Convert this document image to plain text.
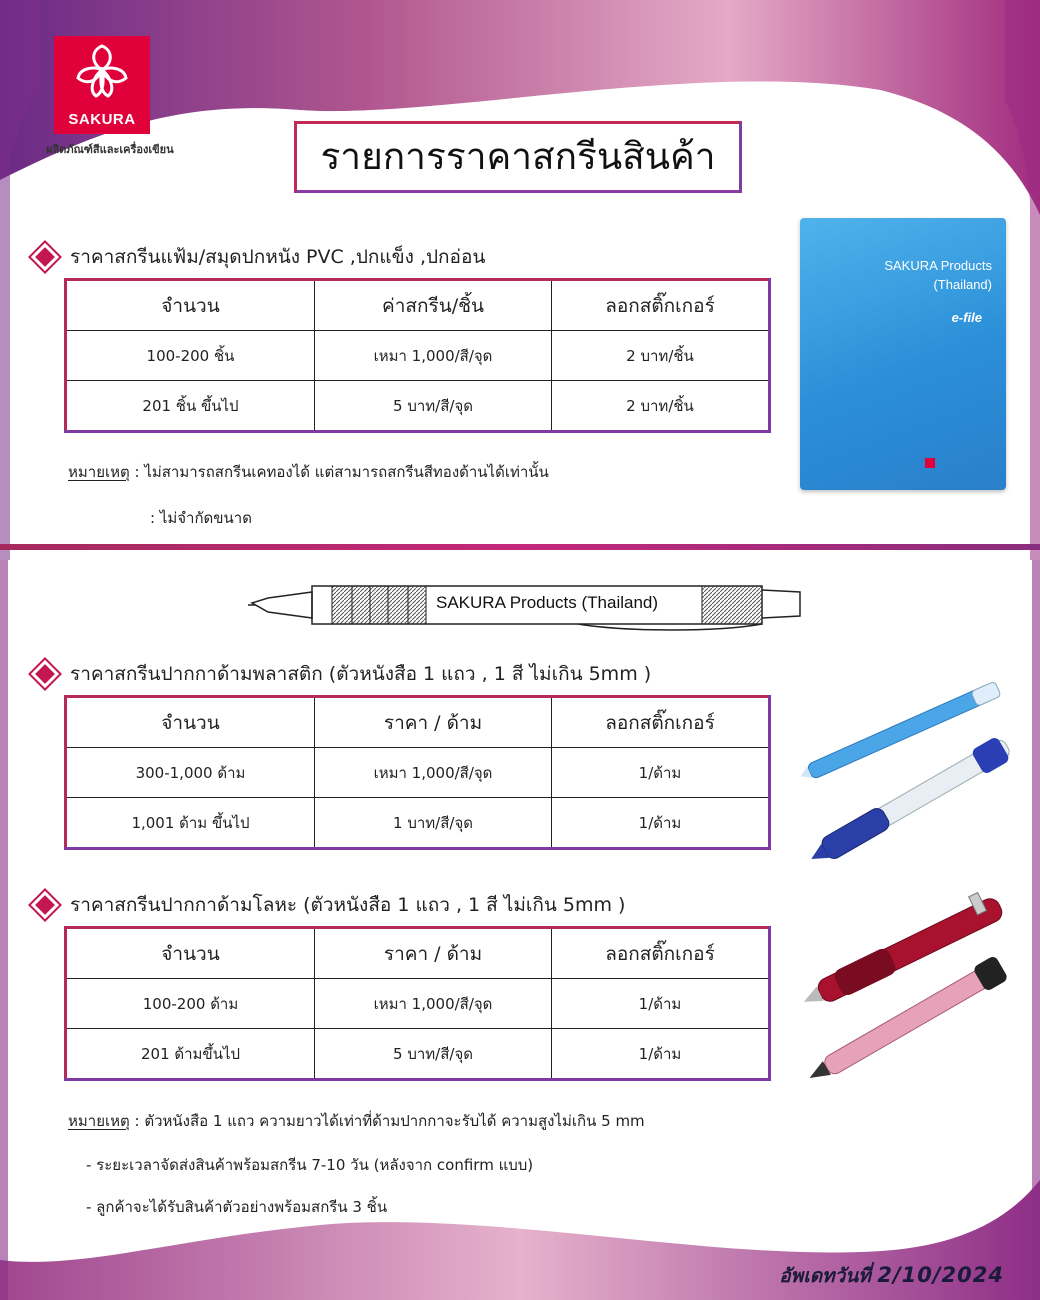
SAKURA
ผลิตภัณฑ์สีและเครื่องเขียน	รายการราคาสกรีนสินค้า
ราคาสกรีนแฟ้ม/สมุดปกหนัง PVC ,ปกแข็ง ,ปกอ่อน
จำนวน	ค่าสกรีน/ชิ้น	ลอกสติ๊กเกอร์
100-200 ชิ้น	เหมา 1,000/สี/จุด	2 บาท/ชิ้น
201 ชิ้น ขึ้นไป	5 บาท/สี/จุด	2 บาท/ชิ้น
หมายเหตุ : ไม่สามารถสกรีนเคทองได้ แต่สามารถสกรีนสีทองด้านได้เท่านั้น
: ไม่จำกัดขนาด
SAKURA Products
(Thailand)
e-file
SAKURA Products (Thailand)
ราคาสกรีนปากกาด้ามพลาสติก (ตัวหนังสือ 1 แถว , 1 สี ไม่เกิน 5mm )
จำนวน	ราคา / ด้าม	ลอกสติ๊กเกอร์
300-1,000 ด้าม	เหมา 1,000/สี/จุด	1/ด้าม
1,001 ด้าม ขึ้นไป	1 บาท/สี/จุด	1/ด้าม
ราคาสกรีนปากกาด้ามโลหะ (ตัวหนังสือ 1 แถว , 1 สี ไม่เกิน 5mm )
จำนวน	ราคา / ด้าม	ลอกสติ๊กเกอร์
100-200 ด้าม	เหมา 1,000/สี/จุด	1/ด้าม
201 ด้ามขึ้นไป	5 บาท/สี/จุด	1/ด้าม
หมายเหตุ : ตัวหนังสือ 1 แถว ความยาวได้เท่าที่ด้ามปากกาจะรับได้ ความสูงไม่เกิน 5 mm
- ระยะเวลาจัดส่งสินค้าพร้อมสกรีน 7-10 วัน (หลังจาก confirm แบบ)
- ลูกค้าจะได้รับสินค้าตัวอย่างพร้อมสกรีน 3 ชิ้น
อัพเดทวันที่ 2/10/2024
